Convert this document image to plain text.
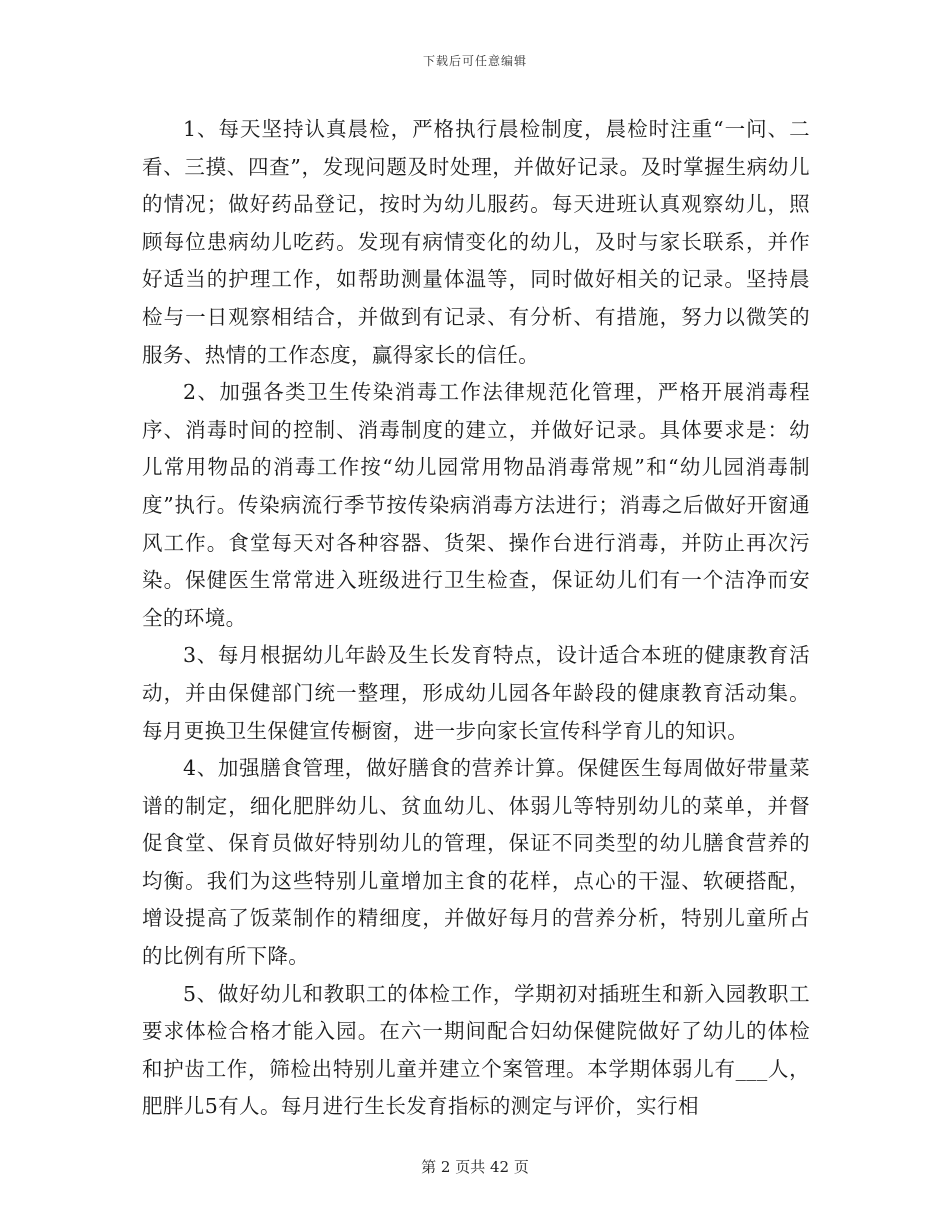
下载后可任意编辑

1、每天坚持认真晨检，严格执行晨检制度，晨检时注重“一问、二看、三摸、四查”，发现问题及时处理，并做好记录。及时掌握生病幼儿的情况；做好药品登记，按时为幼儿服药。每天进班认真观察幼儿，照顾每位患病幼儿吃药。发现有病情变化的幼儿，及时与家长联系，并作好适当的护理工作，如帮助测量体温等，同时做好相关的记录。坚持晨检与一日观察相结合，并做到有记录、有分析、有措施，努力以微笑的服务、热情的工作态度，赢得家长的信任。

2、加强各类卫生传染消毒工作法律规范化管理，严格开展消毒程序、消毒时间的控制、消毒制度的建立，并做好记录。具体要求是：幼儿常用物品的消毒工作按“幼儿园常用物品消毒常规”和“幼儿园消毒制度”执行。传染病流行季节按传染病消毒方法进行；消毒之后做好开窗通风工作。食堂每天对各种容器、货架、操作台进行消毒，并防止再次污染。保健医生常常进入班级进行卫生检查，保证幼儿们有一个洁净而安全的环境。

3、每月根据幼儿年龄及生长发育特点，设计适合本班的健康教育活动，并由保健部门统一整理，形成幼儿园各年龄段的健康教育活动集。每月更换卫生保健宣传橱窗，进一步向家长宣传科学育儿的知识。

4、加强膳食管理，做好膳食的营养计算。保健医生每周做好带量菜谱的制定，细化肥胖幼儿、贫血幼儿、体弱儿等特别幼儿的菜单，并督促食堂、保育员做好特别幼儿的管理，保证不同类型的幼儿膳食营养的均衡。我们为这些特别儿童增加主食的花样，点心的干湿、软硬搭配，增设提高了饭菜制作的精细度，并做好每月的营养分析，特别儿童所占的比例有所下降。

5、做好幼儿和教职工的体检工作，学期初对插班生和新入园教职工要求体检合格才能入园。在六一期间配合妇幼保健院做好了幼儿的体检和护齿工作，筛检出特别儿童并建立个案管理。本学期体弱儿有___人，肥胖儿5有人。每月进行生长发育指标的测定与评价，实行相

第 2 页共 42 页
